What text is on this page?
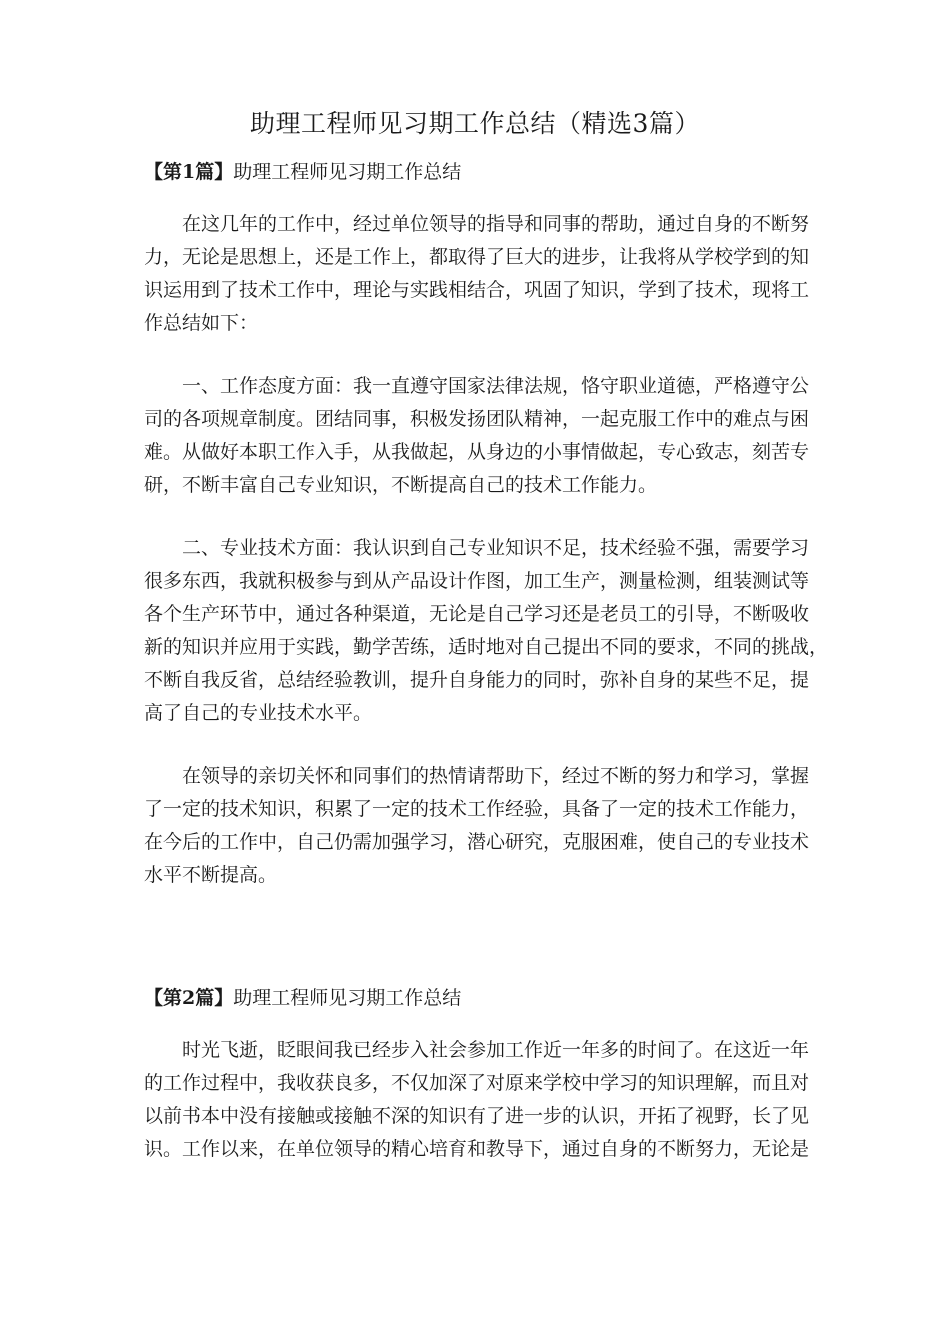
助理工程师见习期工作总结（精选3篇）
【第1篇】助理工程师见习期工作总结
在这几年的工作中，经过单位领导的指导和同事的帮助，通过自身的不断努
力，无论是思想上，还是工作上，都取得了巨大的进步，让我将从学校学到的知
识运用到了技术工作中，理论与实践相结合，巩固了知识，学到了技术，现将工
作总结如下：
一、工作态度方面：我一直遵守国家法律法规，恪守职业道德，严格遵守公
司的各项规章制度。团结同事，积极发扬团队精神，一起克服工作中的难点与困
难。从做好本职工作入手，从我做起，从身边的小事情做起，专心致志，刻苦专
研，不断丰富自己专业知识，不断提高自己的技术工作能力。
二、专业技术方面：我认识到自己专业知识不足，技术经验不强，需要学习
很多东西，我就积极参与到从产品设计作图，加工生产，测量检测，组装测试等
各个生产环节中，通过各种渠道，无论是自己学习还是老员工的引导，不断吸收
新的知识并应用于实践，勤学苦练，适时地对自己提出不同的要求，不同的挑战，
不断自我反省，总结经验教训，提升自身能力的同时，弥补自身的某些不足，提
高了自己的专业技术水平。
在领导的亲切关怀和同事们的热情请帮助下，经过不断的努力和学习，掌握
了一定的技术知识，积累了一定的技术工作经验，具备了一定的技术工作能力，
在今后的工作中，自己仍需加强学习，潜心研究，克服困难，使自己的专业技术
水平不断提高。
【第2篇】助理工程师见习期工作总结
时光飞逝，眨眼间我已经步入社会参加工作近一年多的时间了。在这近一年
的工作过程中，我收获良多，不仅加深了对原来学校中学习的知识理解，而且对
以前书本中没有接触或接触不深的知识有了进一步的认识，开拓了视野，长了见
识。工作以来，在单位领导的精心培育和教导下，通过自身的不断努力，无论是
